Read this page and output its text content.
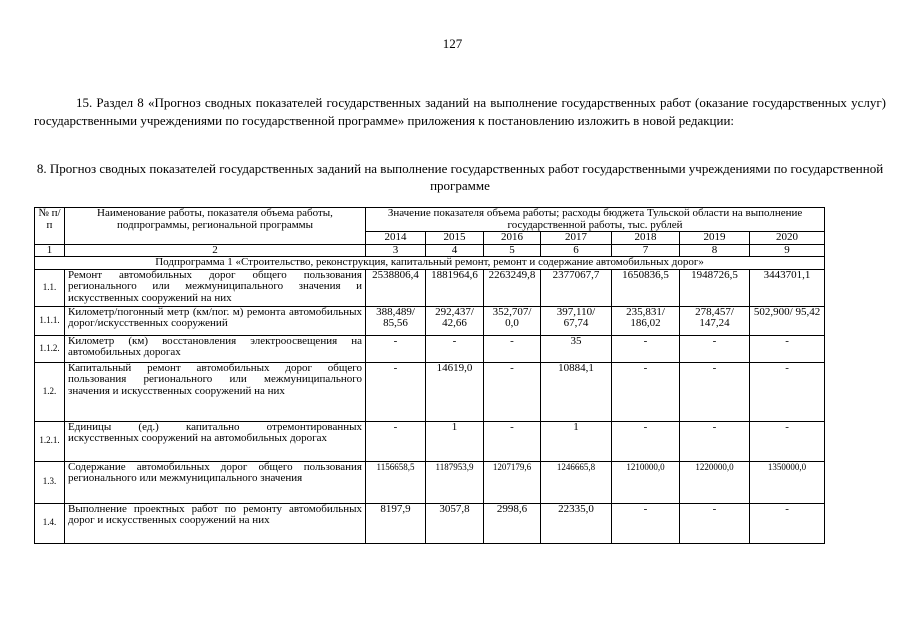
127
15. Раздел 8 «Прогноз сводных показателей государственных заданий на выполнение государственных работ (оказание государственных услуг) государственными учреждениями по государственной программе» приложения к постановлению изложить в новой редакции:
8. Прогноз сводных показателей государственных заданий на выполнение государственных работ государственными учреждениями по государственной программе
№ п/п	Наименование работы, показателя объема работы, подпрограммы, региональной программы	Значение показателя объема работы; расходы бюджета Тульской области на выполнение государственной работы, тыс. рублей						
		2014	2015	2016	2017	2018	2019	2020
1	2	3	4	5	6	7	8	9
Подпрограмма 1 «Строительство, реконструкция, капитальный ремонт, ремонт и содержание автомобильных дорог»								
1.1.	Ремонт автомобильных дорог общего пользования регионального или межмуниципального значения и искусственных сооружений на них	2538806,4	1881964,6	2263249,8	2377067,7	1650836,5	1948726,5	3443701,1
1.1.1.	Километр/погонный метр (км/пог. м) ремонта автомобильных дорог/искусственных сооружений	388,489/ 85,56	292,437/ 42,66	352,707/ 0,0	397,110/ 67,74	235,831/ 186,02	278,457/ 147,24	502,900/ 95,42
1.1.2.	Километр (км) восстановления электроосвещения на автомобильных дорогах	-	-	-	35	-	-	-
1.2.	Капитальный ремонт автомобильных дорог общего пользования регионального или межмуниципального значения и искусственных сооружений на них	-	14619,0	-	10884,1	-	-	-
1.2.1.	Единицы (ед.) капитально отремонтированных искусственных сооружений на автомобильных дорогах	-	1	-	1	-	-	-
1.3.	Содержание автомобильных дорог общего пользования регионального или межмуниципального значения	1156658,5	1187953,9	1207179,6	1246665,8	1210000,0	1220000,0	1350000,0
1.4.	Выполнение проектных работ по ремонту автомобильных дорог и искусственных сооружений на них	8197,9	3057,8	2998,6	22335,0	-	-	-
